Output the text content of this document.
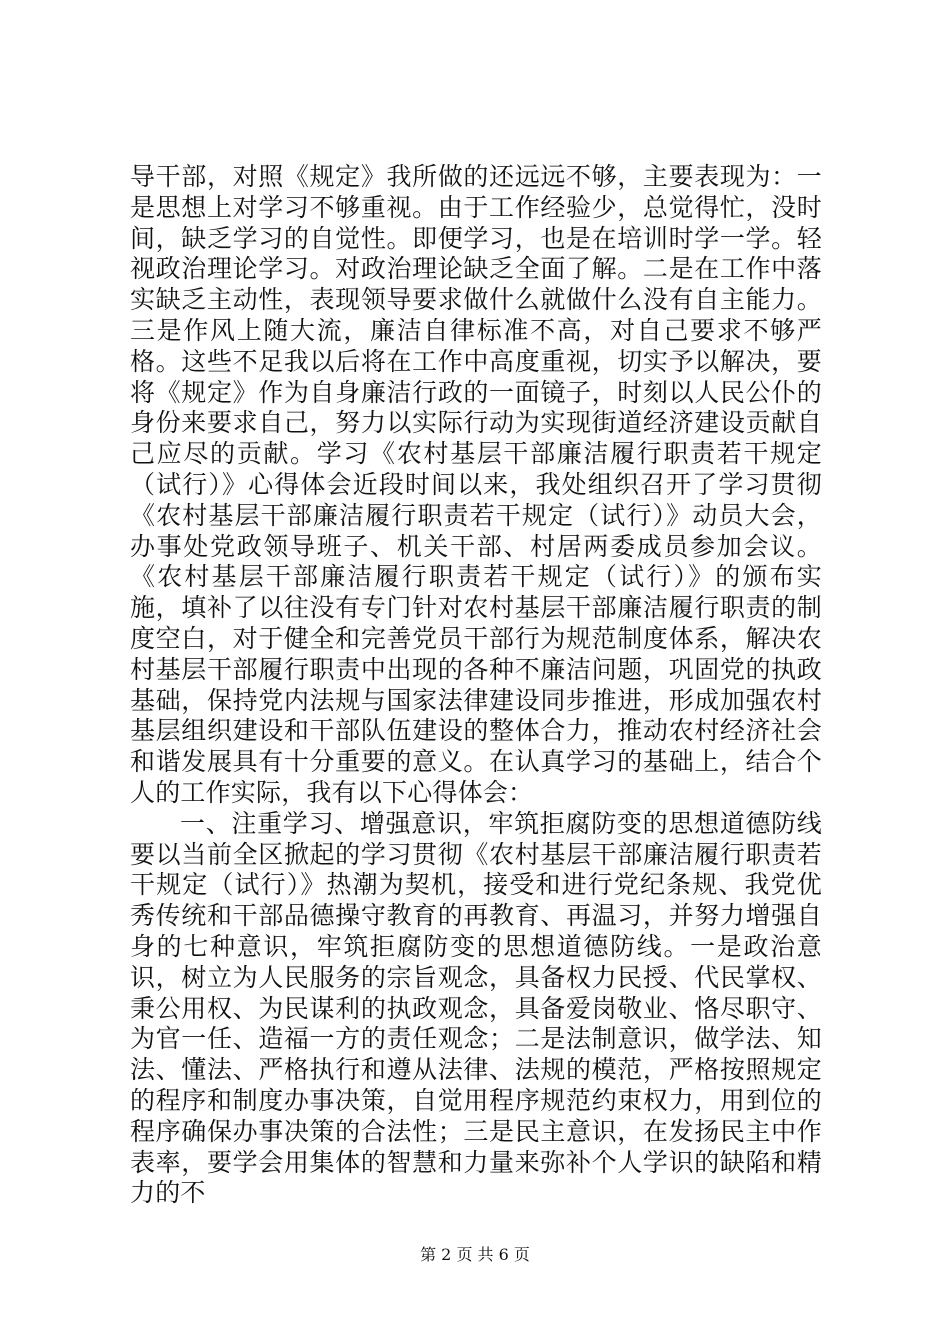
导干部，对照《规定》我所做的还远远不够，主要表现为：一是思想上对学习不够重视。由于工作经验少，总觉得忙，没时间，缺乏学习的自觉性。即便学习，也是在培训时学一学。轻视政治理论学习。对政治理论缺乏全面了解。二是在工作中落实缺乏主动性，表现领导要求做什么就做什么没有自主能力。三是作风上随大流，廉洁自律标准不高，对自己要求不够严格。这些不足我以后将在工作中高度重视，切实予以解决，要将《规定》作为自身廉洁行政的一面镜子，时刻以人民公仆的身份来要求自己，努力以实际行动为实现街道经济建设贡献自己应尽的贡献。学习《农村基层干部廉洁履行职责若干规定（试行）》心得体会近段时间以来，我处组织召开了学习贯彻《农村基层干部廉洁履行职责若干规定（试行）》动员大会，办事处党政领导班子、机关干部、村居两委成员参加会议。《农村基层干部廉洁履行职责若干规定（试行）》的颁布实施，填补了以往没有专门针对农村基层干部廉洁履行职责的制度空白，对于健全和完善党员干部行为规范制度体系，解决农村基层干部履行职责中出现的各种不廉洁问题，巩固党的执政基础，保持党内法规与国家法律建设同步推进，形成加强农村基层组织建设和干部队伍建设的整体合力，推动农村经济社会和谐发展具有十分重要的意义。在认真学习的基础上，结合个人的工作实际，我有以下心得体会：

一、注重学习、增强意识，牢筑拒腐防变的思想道德防线要以当前全区掀起的学习贯彻《农村基层干部廉洁履行职责若干规定（试行）》热潮为契机，接受和进行党纪条规、我党优秀传统和干部品德操守教育的再教育、再温习，并努力增强自身的七种意识，牢筑拒腐防变的思想道德防线。一是政治意识，树立为人民服务的宗旨观念，具备权力民授、代民掌权、秉公用权、为民谋利的执政观念，具备爱岗敬业、恪尽职守、为官一任、造福一方的责任观念；二是法制意识，做学法、知法、懂法、严格执行和遵从法律、法规的模范，严格按照规定的程序和制度办事决策，自觉用程序规范约束权力，用到位的程序确保办事决策的合法性；三是民主意识，在发扬民主中作表率，要学会用集体的智慧和力量来弥补个人学识的缺陷和精力的不

第 2 页 共 6 页
